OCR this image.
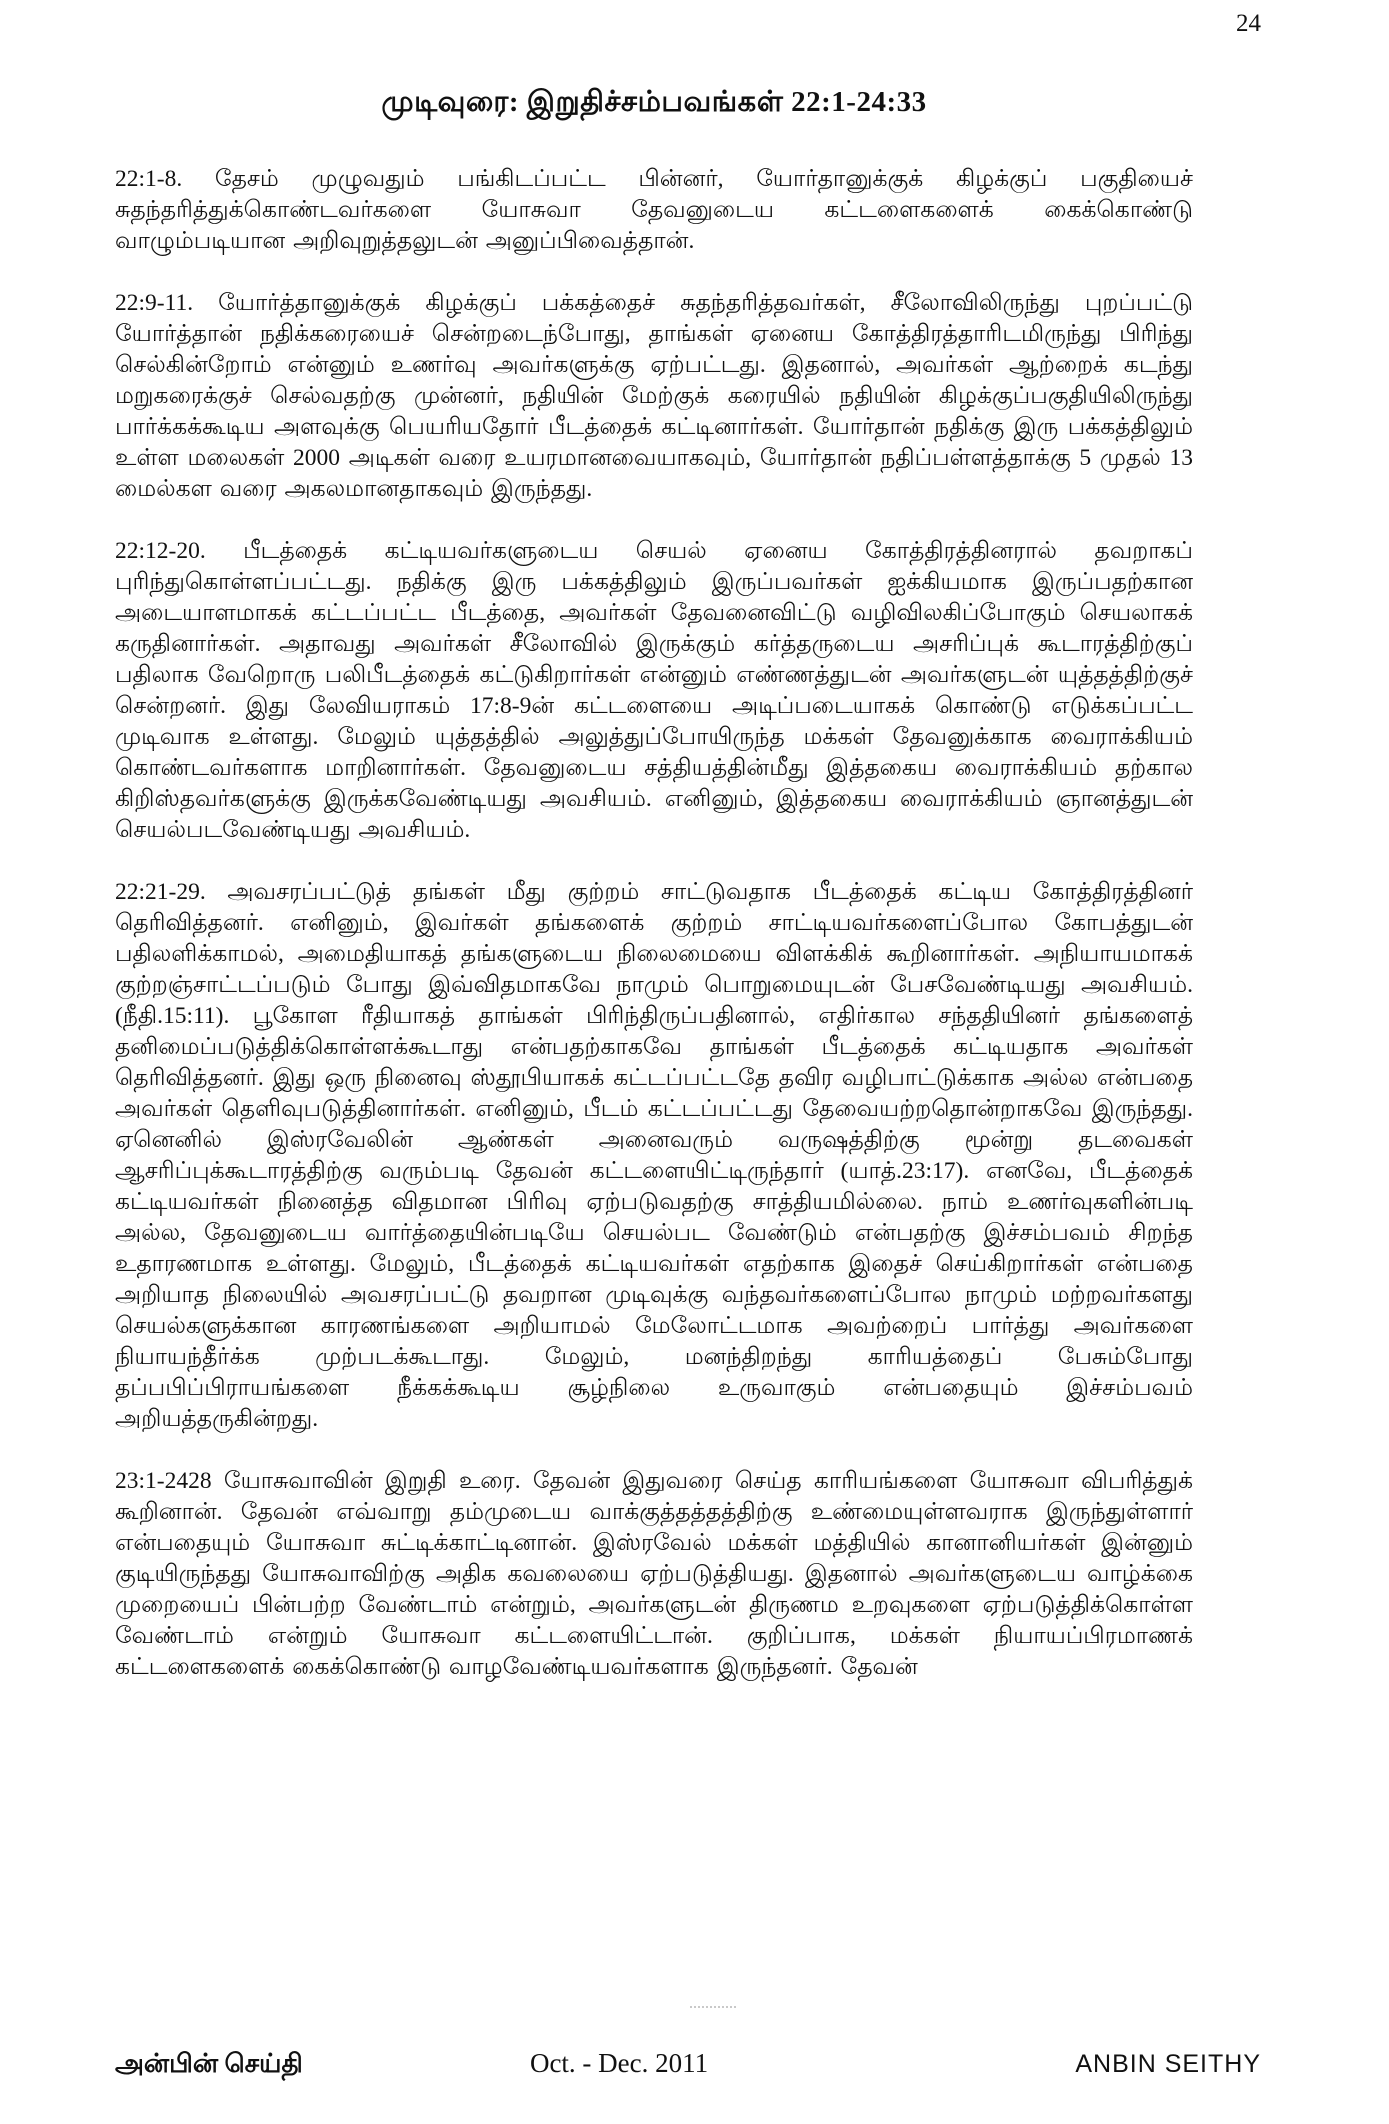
24
முடிவுரை: இறுதிச்சம்பவங்கள் 22:1-24:33

22:1-8. தேசம் முழுவதும் பங்கிடப்பட்ட பின்னர், யோர்தானுக்குக் கிழக்குப் பகுதியைச் சுதந்தரித்துக்கொண்டவர்களை யோசுவா தேவனுடைய கட்டளைகளைக் கைக்கொண்டு வாழும்படியான அறிவுறுத்தலுடன் அனுப்பிவைத்தான்.

22:9-11. யோர்த்தானுக்குக் கிழக்குப் பக்கத்தைச் சுதந்தரித்தவர்கள், சீலோவிலிருந்து புறப்பட்டு யோர்த்தான் நதிக்கரையைச் சென்றடைந்போது, தாங்கள் ஏனைய கோத்திரத்தாரிடமிருந்து பிரிந்து செல்கின்றோம் என்னும் உணர்வு அவர்களுக்கு ஏற்பட்டது. இதனால், அவர்கள் ஆற்றைக் கடந்து மறுகரைக்குச் செல்வதற்கு முன்னர், நதியின் மேற்குக் கரையில் நதியின் கிழக்குப்பகுதியிலிருந்து பார்க்கக்கூடிய அளவுக்கு பெயரியதோர் பீடத்தைக் கட்டினார்கள். யோர்தான் நதிக்கு இரு பக்கத்திலும் உள்ள மலைகள் 2000 அடிகள் வரை உயரமானவையாகவும், யோர்தான் நதிப்பள்ளத்தாக்கு 5 முதல் 13 மைல்கள வரை அகலமானதாகவும் இருந்தது.

22:12-20. பீடத்தைக் கட்டியவர்களுடைய செயல் ஏனைய கோத்திரத்தினரால் தவறாகப் புரிந்துகொள்ளப்பட்டது. நதிக்கு இரு பக்கத்திலும் இருப்பவர்கள் ஐக்கியமாக இருப்பதற்கான அடையாளமாகக் கட்டப்பட்ட பீடத்தை, அவர்கள் தேவனைவிட்டு வழிவிலகிப்போகும் செயலாகக் கருதினார்கள். அதாவது அவர்கள் சீலோவில் இருக்கும் கர்த்தருடைய அசரிப்புக் கூடாரத்திற்குப் பதிலாக வேறொரு பலிபீடத்தைக் கட்டுகிறார்கள் என்னும் எண்ணத்துடன் அவர்களுடன் யுத்தத்திற்குச் சென்றனர். இது லேவியராகம் 17:8-9ன் கட்டளையை அடிப்படையாகக் கொண்டு எடுக்கப்பட்ட முடிவாக உள்ளது. மேலும் யுத்தத்தில் அலுத்துப்போயிருந்த மக்கள் தேவனுக்காக வைராக்கியம் கொண்டவர்களாக மாறினார்கள். தேவனுடைய சத்தியத்தின்மீது இத்தகைய வைராக்கியம் தற்கால கிறிஸ்தவர்களுக்கு இருக்கவேண்டியது அவசியம். எனினும், இத்தகைய வைராக்கியம் ஞானத்துடன் செயல்படவேண்டியது அவசியம்.

22:21-29. அவசரப்பட்டுத் தங்கள் மீது குற்றம் சாட்டுவதாக பீடத்தைக் கட்டிய கோத்திரத்தினர் தெரிவித்தனர். எனினும், இவர்கள் தங்களைக் குற்றம் சாட்டியவர்களைப்போல கோபத்துடன் பதிலளிக்காமல், அமைதியாகத் தங்களுடைய நிலைமையை விளக்கிக் கூறினார்கள். அநியாயமாகக் குற்றஞ்சாட்டப்படும் போது இவ்விதமாகவே நாமும் பொறுமையுடன் பேசவேண்டியது அவசியம். (நீதி.15:11). பூகோள ரீதியாகத் தாங்கள் பிரிந்திருப்பதினால், எதிர்கால சந்ததியினர் தங்களைத் தனிமைப்படுத்திக்கொள்ளக்கூடாது என்பதற்காகவே தாங்கள் பீடத்தைக் கட்டியதாக அவர்கள் தெரிவித்தனர். இது ஒரு நினைவு ஸ்தூபியாகக் கட்டப்பட்டதே தவிர வழிபாட்டுக்காக அல்ல என்பதை அவர்கள் தெளிவுபடுத்தினார்கள். எனினும், பீடம் கட்டப்பட்டது தேவையற்றதொன்றாகவே இருந்தது. ஏனெனில் இஸ்ரவேலின் ஆண்கள் அனைவரும் வருஷத்திற்கு மூன்று தடவைகள் ஆசரிப்புக்கூடாரத்திற்கு வரும்படி தேவன் கட்டளையிட்டிருந்தார் (யாத்.23:17). எனவே, பீடத்தைக் கட்டியவர்கள் நினைத்த விதமான பிரிவு ஏற்படுவதற்கு சாத்தியமில்லை. நாம் உணர்வுகளின்படி அல்ல, தேவனுடைய வார்த்தையின்படியே செயல்பட வேண்டும் என்பதற்கு இச்சம்பவம் சிறந்த உதாரணமாக உள்ளது. மேலும், பீடத்தைக் கட்டியவர்கள் எதற்காக இதைச் செய்கிறார்கள் என்பதை அறியாத நிலையில் அவசரப்பட்டு தவறான முடிவுக்கு வந்தவர்களைப்போல நாமும் மற்றவர்களது செயல்களுக்கான காரணங்களை அறியாமல் மேலோட்டமாக அவற்றைப் பார்த்து அவர்களை நியாயந்தீர்க்க முற்படக்கூடாது. மேலும், மனந்திறந்து காரியத்தைப் பேசும்போது தப்பபிப்பிராயங்களை நீக்கக்கூடிய சூழ்நிலை உருவாகும் என்பதையும் இச்சம்பவம் அறியத்தருகின்றது.

23:1-2428 யோசுவாவின் இறுதி உரை. தேவன் இதுவரை செய்த காரியங்களை யோசுவா விபரித்துக் கூறினான். தேவன் எவ்வாறு தம்முடைய வாக்குத்தத்தத்திற்கு உண்மையுள்ளவராக இருந்துள்ளார் என்பதையும் யோசுவா சுட்டிக்காட்டினான். இஸ்ரவேல் மக்கள் மத்தியில் கானானியர்கள் இன்னும் குடியிருந்தது யோசுவாவிற்கு அதிக கவலையை ஏற்படுத்தியது. இதனால் அவர்களுடைய வாழ்க்கை முறையைப் பின்பற்ற வேண்டாம் என்றும், அவர்களுடன் திருணம உறவுகளை ஏற்படுத்திக்கொள்ள வேண்டாம் என்றும் யோசுவா கட்டளையிட்டான். குறிப்பாக, மக்கள் நியாயப்பிரமாணக் கட்டளைகளைக் கைக்கொண்டு வாழவேண்டியவர்களாக இருந்தனர். தேவன்

அன்பின் செய்தி	Oct. - Dec. 2011	ANBIN SEITHY
